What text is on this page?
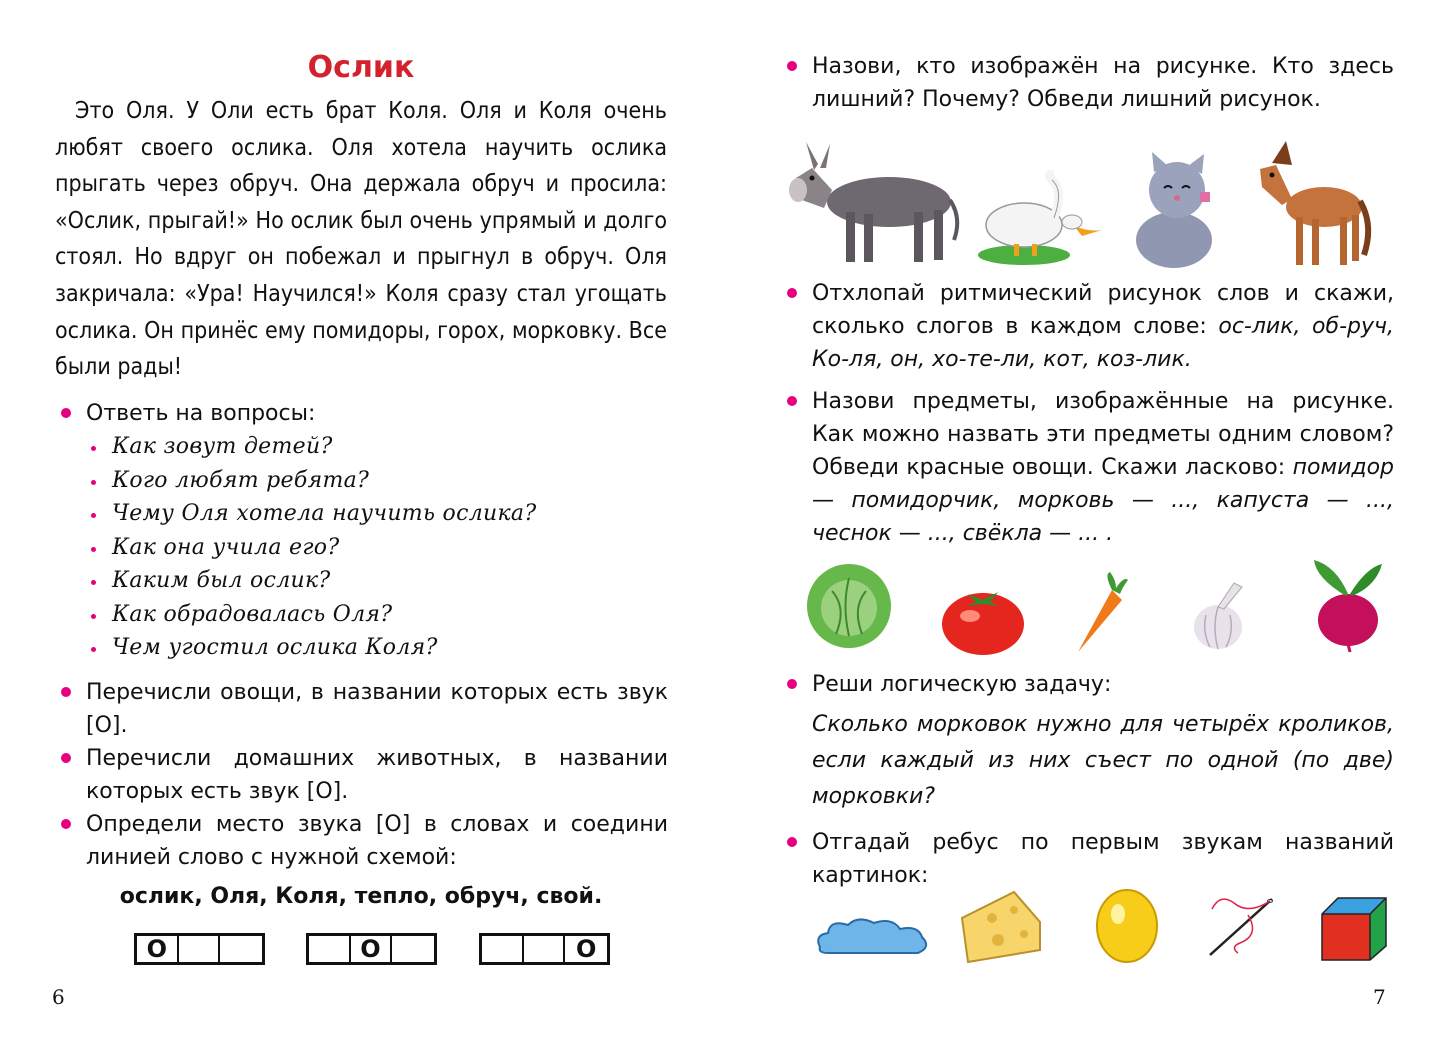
Ослик

Это Оля. У Оли есть брат Коля. Оля и Коля очень любят своего ослика. Оля хотела научить ослика прыгать через обруч. Она держала обруч и просила: «Ослик, прыгай!» Но ослик был очень упрямый и долго стоял. Но вдруг он побежал и прыгнул в обруч. Оля закричала: «Ура! Научился!» Коля сразу стал угощать ослика. Он принёс ему помидоры, горох, морковку. Все были рады!

Ответь на вопросы:

Как зовут детей?
Кого любят ребята?
Чему Оля хотела научить ослика?
Как она учила его?
Каким был ослик?
Как обрадовалась Оля?
Чем угостил ослика Коля?

Перечисли овощи, в названии которых есть звук [О].

Перечисли домашних животных, в названии которых есть звук [О].

Определи место звука [О] в словах и соедини линией слово с нужной схемой:

ослик, Оля, Коля, тепло, обруч, свой.
О	О	О
6

Назови, кто изображён на рисунке. Кто здесь лишний? Почему? Обведи лишний рисунок.

Отхлопай ритмический рисунок слов и скажи, сколько слогов в каждом слове: ос-лик, об-руч, Ко-ля, он, хо-те-ли, кот, коз-лик.

Назови предметы, изображённые на рисунке. Как можно назвать эти предметы одним словом? Обведи красные овощи. Скажи ласково: помидор— помидорчик, морковь — ..., капуста — ..., чеснок — ..., свёкла — ... .

Реши логическую задачу:

Сколько морковок нужно для четырёх кроликов, если каждый из них съест по одной (по две) морковки?

Отгадай ребус по первым звукам названий картинок:

7
